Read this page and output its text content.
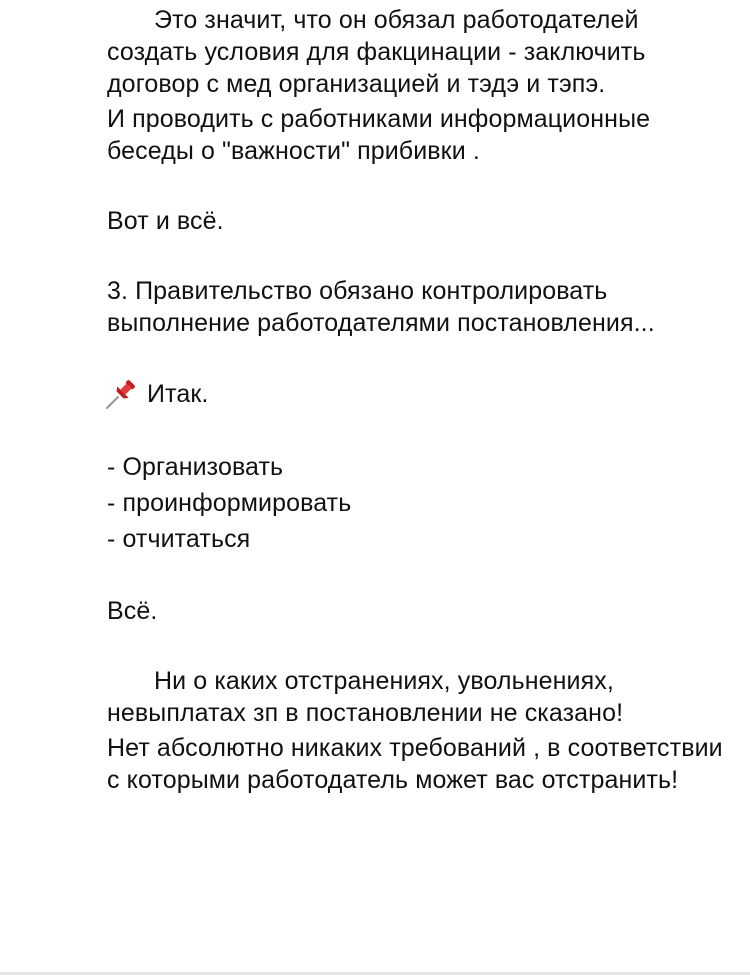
Это значит, что он обязал работодателей создать условия для факцинации - заключить договор с мед организацией и тэдэ и тэпэ.

И проводить с работниками информационные беседы о "важности" прибивки .

Вот и всё.

3. Правительство обязано контролировать выполнение работодателями постановления...

Итак.

- Организовать

- проинформировать

- отчитаться

Всё.

Ни о каких отстранениях, увольнениях, невыплатах зп в постановлении не сказано!

Нет абсолютно никаких требований , в соответствии с которыми работодатель может вас отстранить!
